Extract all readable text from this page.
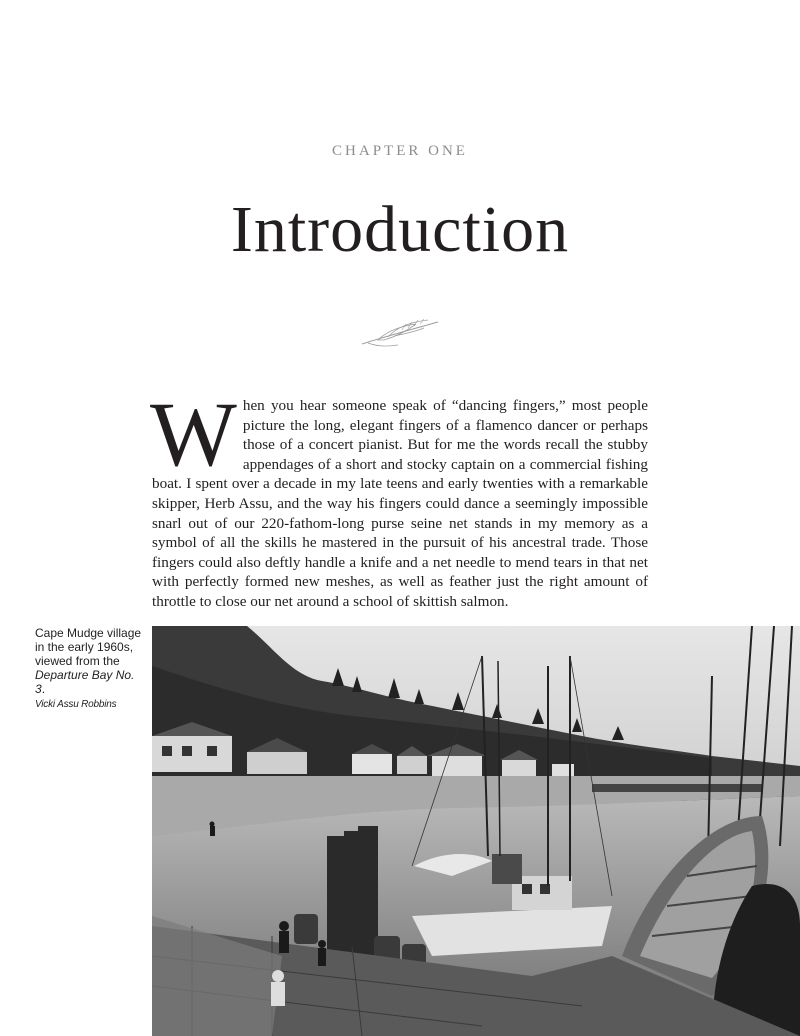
CHAPTER ONE
Introduction

When you hear someone speak of “dancing fingers,” most people picture the long, elegant fingers of a flamenco dancer or perhaps those of a concert pianist. But for me the words recall the stubby appendages of a short and stocky captain on a commercial fishing boat. I spent over a decade in my late teens and early twenties with a remarkable skipper, Herb Assu, and the way his fingers could dance a seemingly impossible snarl out of our 220-fathom-long purse seine net stands in my memory as a symbol of all the skills he mastered in the pursuit of his ancestral trade. Those fingers could also deftly handle a knife and a net needle to mend tears in that net with perfectly formed new meshes, as well as feather just the right amount of throttle to close our net around a school of skittish salmon.

Cape Mudge village in the early 1960s, viewed from the Departure Bay No. 3.
Vicki Assu Robbins
